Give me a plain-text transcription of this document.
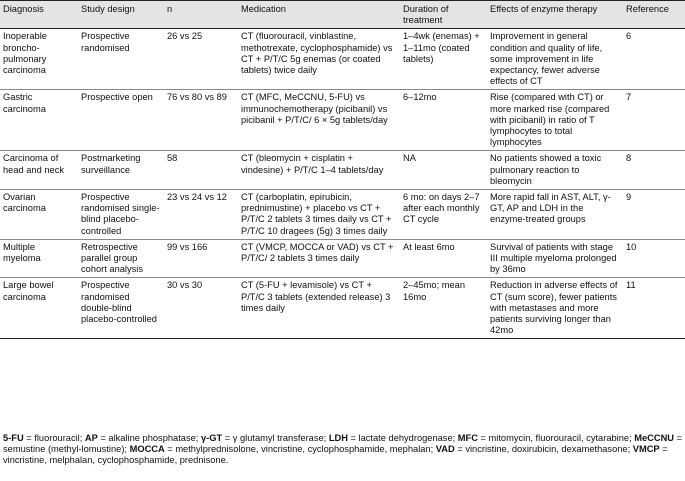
Diagnosis	Study design	n	Medication	Duration of treatment	Effects of enzyme therapy	Reference
Inoperable broncho-pulmonary carcinoma	Prospective randomised	26 vs 25	CT (fluorouracil, vinblastine, methotrexate, cyclophosphamide) vs CT + P/T/C 5g enemas (or coated tablets) twice daily	1–4wk (enemas) + 1–11mo (coated tablets)	Improvement in general condition and quality of life, some improvement in life expectancy, fewer adverse effects of CT	6
Gastric carcinoma	Prospective open	76 vs 80 vs 89	CT (MFC, MeCCNU, 5-FU) vs immunochemotherapy (picibanil) vs picibanil + P/T/C/ 6 × 5g tablets/day	6–12mo	Rise (compared with CT) or more marked rise (compared with picibanil) in ratio of T lymphocytes to total lymphocytes	7
Carcinoma of head and neck	Postmarketing surveillance	58	CT (bleomycin + cisplatin + vindesine) + P/T/C 1–4 tablets/day	NA	No patients showed a toxic pulmonary reaction to bleomycin	8
Ovarian carcinoma	Prospective randomised single-blind placebo-controlled	23 vs 24 vs 12	CT (carboplatin, epirubicin, prednimustine) + placebo vs CT + P/T/C 2 tablets 3 times daily vs CT + P/T/C 10 dragees (5g) 3 times daily	6 mo: on days 2–7 after each monthly CT cycle	More rapid fall in AST, ALT, γ-GT, AP and LDH in the enzyme-treated groups	9
Multiple myeloma	Retrospective parallel group cohort analysis	99 vs 166	CT (VMCP, MOCCA or VAD) vs CT + P/T/C/ 2 tablets 3 times daily	At least 6mo	Survival of patients with stage III multiple myeloma prolonged by 36mo	10
Large bowel carcinoma	Prospective randomised double-blind placebo-controlled	30 vs 30	CT (5-FU + levamisole) vs CT + P/T/C 3 tablets (extended release) 3 times daily	2–45mo; mean 16mo	Reduction in adverse effects of CT (sum score), fewer patients with metastases and more patients surviving longer than 42mo	11
5-FU = fluorouracil; AP = alkaline phosphatase; γ-GT = γ glutamyl transferase; LDH = lactate dehydrogenase; MFC = mitomycin, fluorouracil, cytarabine; MeCCNU = semustine (methyl-lomustine); MOCCA = methylprednisolone, vincristine, cyclophosphamide, mephalan; VAD = vincristine, doxirubicin, dexamethasone; VMCP = vincristine, melphalan, cyclophosphamide, prednisone.
